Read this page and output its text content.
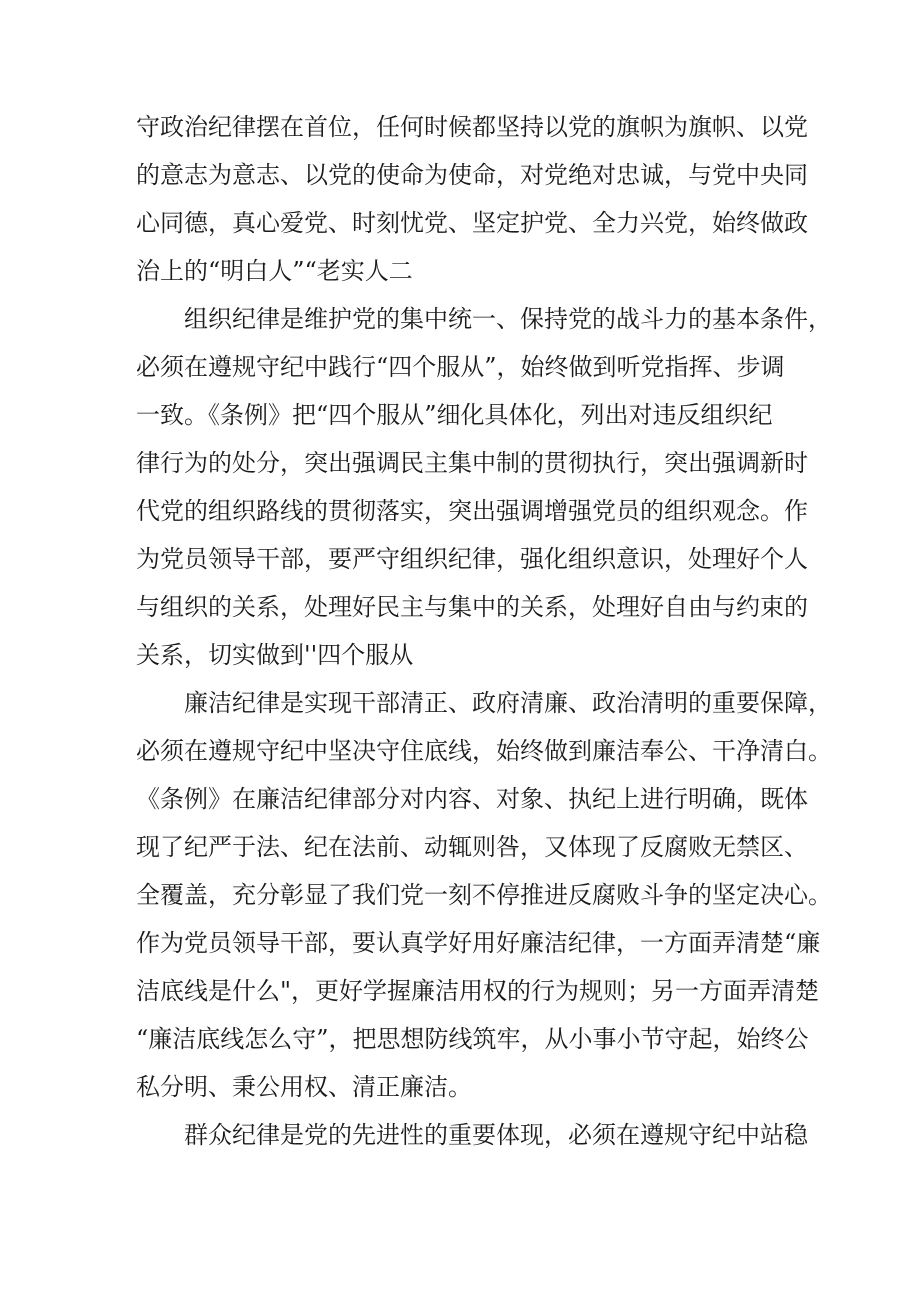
守政治纪律摆在首位，任何时候都坚持以党的旗帜为旗帜、以党
的意志为意志、以党的使命为使命，对党绝对忠诚，与党中央同
心同德，真心爱党、时刻忧党、坚定护党、全力兴党，始终做政
治上的“明白人”“老实人二
组织纪律是维护党的集中统一、保持党的战斗力的基本条件，
必须在遵规守纪中践行“四个服从”，始终做到听党指挥、步调
一致。《条例》把“四个服从”细化具体化，列出对违反组织纪
律行为的处分，突出强调民主集中制的贯彻执行，突出强调新时
代党的组织路线的贯彻落实，突出强调增强党员的组织观念。作
为党员领导干部，要严守组织纪律，强化组织意识，处理好个人
与组织的关系，处理好民主与集中的关系，处理好自由与约束的
关系，切实做到''四个服从
廉洁纪律是实现干部清正、政府清廉、政治清明的重要保障，
必须在遵规守纪中坚决守住底线，始终做到廉洁奉公、干净清白。
《条例》在廉洁纪律部分对内容、对象、执纪上进行明确，既体
现了纪严于法、纪在法前、动辄则咎，又体现了反腐败无禁区、
全覆盖，充分彰显了我们党一刻不停推进反腐败斗争的坚定决心。
作为党员领导干部，要认真学好用好廉洁纪律，一方面弄清楚“廉
洁底线是什么"，更好学握廉洁用权的行为规则；另一方面弄清楚
“廉洁底线怎么守”，把思想防线筑牢，从小事小节守起，始终公
私分明、秉公用权、清正廉洁。
群众纪律是党的先进性的重要体现，必须在遵规守纪中站稳
